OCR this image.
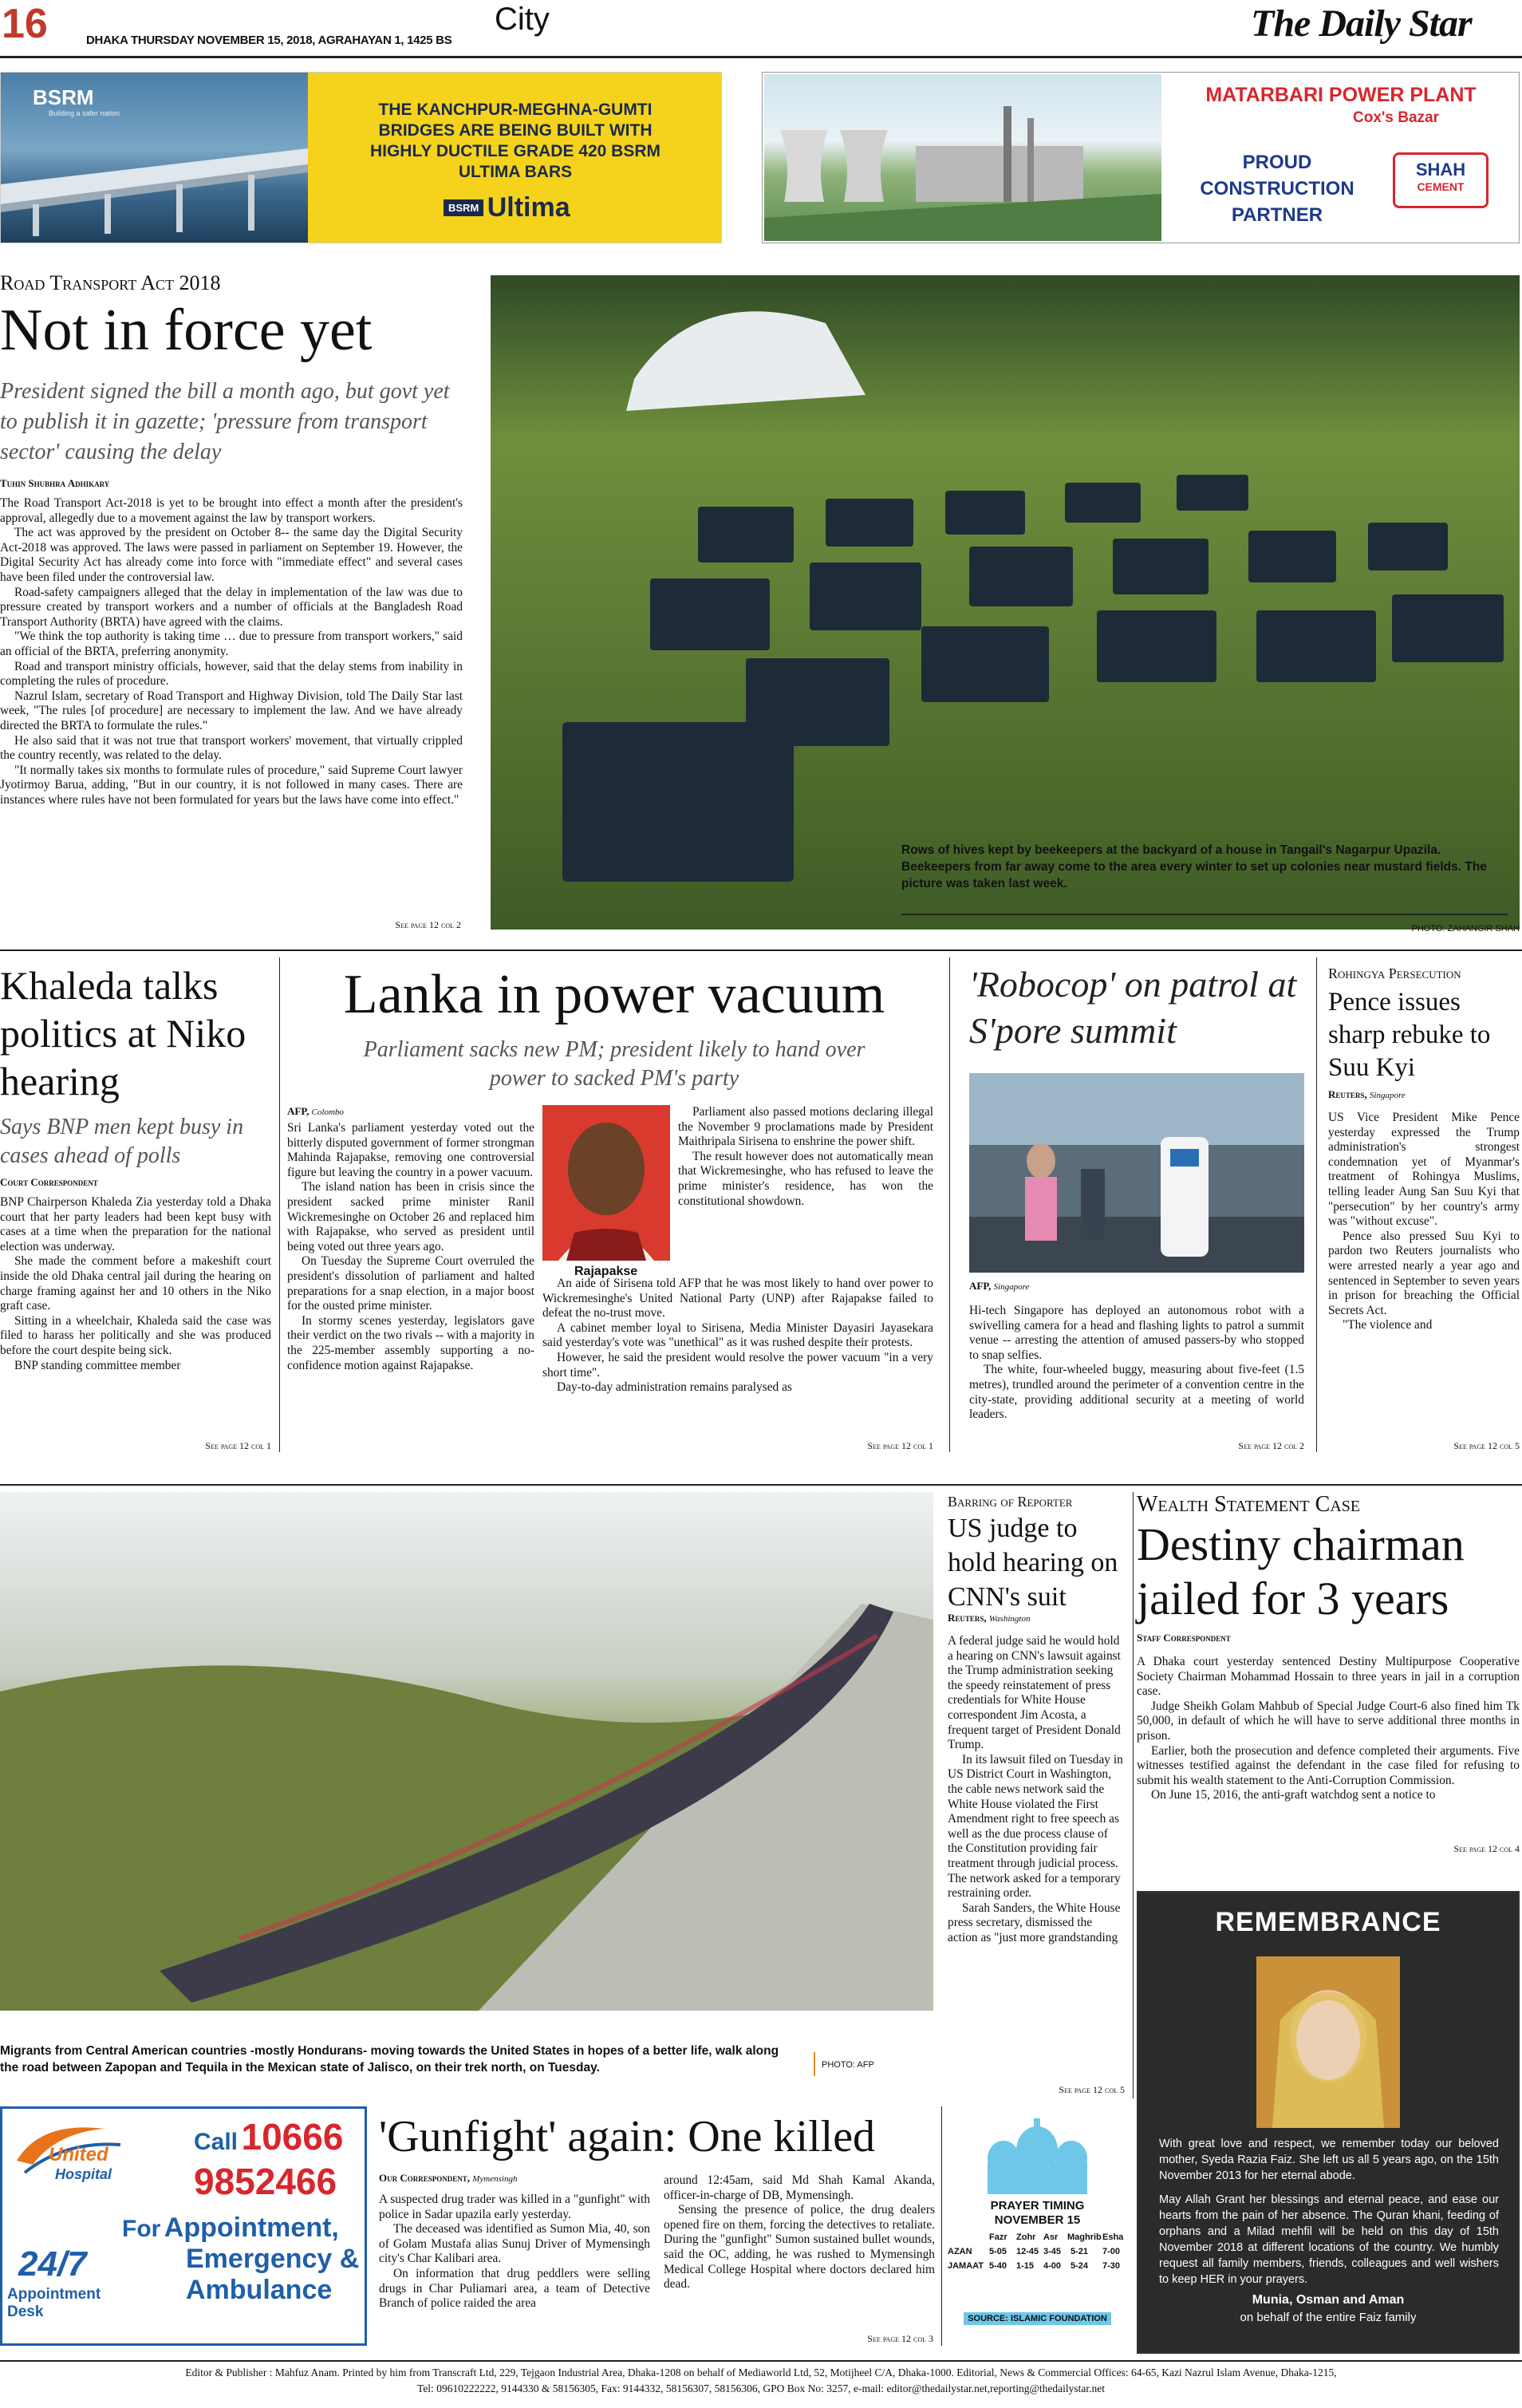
16	DHAKA THURSDAY NOVEMBER 15, 2018, AGRAHAYAN 1, 1425 BS
City	The Daily Star
BSRM
Building a safer nation	THE KANCHPUR-MEGHNA-GUMTI BRIDGES ARE BEING BUILT WITH HIGHLY DUCTILE GRADE 420 BSRM ULTIMA BARS
BSRM Ultima
MATARBARI POWER PLANT
Cox's Bazar
PROUD CONSTRUCTION PARTNER
SHAH
CEMENT
Road Transport Act 2018
Not in force yet
President signed the bill a month ago, but govt yet to publish it in gazette; 'pressure from transport sector' causing the delay
Tuhin Shubhra Adhikary

The Road Transport Act-2018 is yet to be brought into effect a month after the president's approval, allegedly due to a movement against the law by transport workers.

The act was approved by the president on October 8-- the same day the Digital Security Act-2018 was approved. The laws were passed in parliament on September 19. However, the Digital Security Act has already come into force with "immediate effect" and several cases have been filed under the controversial law.

Road-safety campaigners alleged that the delay in implementation of the law was due to pressure created by transport workers and a number of officials at the Bangladesh Road Transport Authority (BRTA) have agreed with the claims.

"We think the top authority is taking time … due to pressure from transport workers," said an official of the BRTA, preferring anonymity.

Road and transport ministry officials, however, said that the delay stems from inability in completing the rules of procedure.

Nazrul Islam, secretary of Road Transport and Highway Division, told The Daily Star last week, "The rules [of procedure] are necessary to implement the law. And we have already directed the BRTA to formulate the rules."

He also said that it was not true that transport workers' movement, that virtually crippled the country recently, was related to the delay.

"It normally takes six months to formulate rules of procedure," said Supreme Court lawyer Jyotirmoy Barua, adding, "But in our country, it is not followed in many cases. There are instances where rules have not been formulated for years but the laws have come into effect."

See page 12 col 2
Rows of hives kept by beekeepers at the backyard of a house in Tangail's Nagarpur Upazila. Beekeepers from far away come to the area every winter to set up colonies near mustard fields. The picture was taken last week.
PHOTO: ZAHANGIR SHAH
Khaleda talks politics at Niko hearing
Says BNP men kept busy in cases ahead of polls
Court Correspondent

BNP Chairperson Khaleda Zia yesterday told a Dhaka court that her party leaders had been kept busy with cases at a time when the preparation for the national election was underway.

She made the comment before a makeshift court inside the old Dhaka central jail during the hearing on charge framing against her and 10 others in the Niko graft case.

Sitting in a wheelchair, Khaleda said the case was filed to harass her politically and she was produced before the court despite being sick.

BNP standing committee member

See page 12 col 1
Lanka in power vacuum
Parliament sacks new PM; president likely to hand over power to sacked PM's party
AFP, Colombo
Rajapakse

Sri Lanka's parliament yesterday voted out the bitterly disputed government of former strongman Mahinda Rajapakse, removing one controversial figure but leaving the country in a power vacuum.

The island nation has been in crisis since the president sacked prime minister Ranil Wickremesinghe on October 26 and replaced him with Rajapakse, who served as president until being voted out three years ago.

On Tuesday the Supreme Court overruled the president's dissolution of parliament and halted preparations for a snap election, in a major boost for the ousted prime minister.

In stormy scenes yesterday, legislators gave their verdict on the two rivals -- with a majority in the 225-member assembly supporting a no-confidence motion against Rajapakse.

Parliament also passed motions declaring illegal the November 9 proclamations made by President Maithripala Sirisena to enshrine the power shift.

The result however does not automatically mean that Wickremesinghe, who has refused to leave the prime minister's residence, has won the constitutional showdown.

An aide of Sirisena told AFP that he was most likely to hand over power to Wickremesinghe's United National Party (UNP) after Rajapakse failed to defeat the no-trust move.

A cabinet member loyal to Sirisena, Media Minister Dayasiri Jayasekara said yesterday's vote was "unethical" as it was rushed despite their protests.

However, he said the president would resolve the power vacuum "in a very short time".

Day-to-day administration remains paralysed as

See page 12 col 1
'Robocop' on patrol at S'pore summit
AFP, Singapore

Hi-tech Singapore has deployed an autonomous robot with a swivelling camera for a head and flashing lights to patrol a summit venue -- arresting the attention of amused passers-by who stopped to snap selfies.

The white, four-wheeled buggy, measuring about five-feet (1.5 metres), trundled around the perimeter of a convention centre in the city-state, providing additional security at a meeting of world leaders.

See page 12 col 2
Rohingya Persecution
Pence issues sharp rebuke to Suu Kyi
Reuters, Singapore

US Vice President Mike Pence yesterday expressed the Trump administration's strongest condemnation yet of Myanmar's treatment of Rohingya Muslims, telling leader Aung San Suu Kyi that "persecution" by her country's army was "without excuse".

Pence also pressed Suu Kyi to pardon two Reuters journalists who were arrested nearly a year ago and sentenced in September to seven years in prison for breaching the Official Secrets Act.

"The violence and

See page 12 col 5
Migrants from Central American countries -mostly Hondurans- moving towards the United States in hopes of a better life, walk along the road between Zapopan and Tequila in the Mexican state of Jalisco, on their trek north, on Tuesday.	PHOTO: AFP
Barring of Reporter
US judge to hold hearing on CNN's suit
Reuters, Washington

A federal judge said he would hold a hearing on CNN's lawsuit against the Trump administration seeking the speedy reinstatement of press credentials for White House correspondent Jim Acosta, a frequent target of President Donald Trump.

In its lawsuit filed on Tuesday in US District Court in Washington, the cable news network said the White House violated the First Amendment right to free speech as well as the due process clause of the Constitution providing fair treatment through judicial process. The network asked for a temporary restraining order.

Sarah Sanders, the White House press secretary, dismissed the action as "just more grandstanding

See page 12 col 5
Wealth Statement Case
Destiny chairman jailed for 3 years
Staff Correspondent

A Dhaka court yesterday sentenced Destiny Multipurpose Cooperative Society Chairman Mohammad Hossain to three years in jail in a corruption case.

Judge Sheikh Golam Mahbub of Special Judge Court-6 also fined him Tk 50,000, in default of which he will have to serve additional three months in prison.

Earlier, both the prosecution and defence completed their arguments. Five witnesses testified against the defendant in the case filed for refusing to submit his wealth statement to the Anti-Corruption Commission.

On June 15, 2016, the anti-graft watchdog sent a notice to

See page 12 col 4
REMEMBRANCE
With great love and respect, we remember today our beloved mother, Syeda Razia Faiz. She left us all 5 years ago, on the 15th November 2013 for her eternal abode.
May Allah Grant her blessings and eternal peace, and ease our hearts from the pain of her absence. The Quran khani, feeding of orphans and a Milad mehfil will be held on this day of 15th November 2018 at different locations of the country. We humbly request all family members, friends, colleagues and well wishers to keep HER in your prayers.
Munia, Osman and Aman
on behalf of the entire Faiz family
United
Hospital
24/7
Appointment Desk
Call 10666
9852466
For Appointment,
Emergency &
Ambulance
'Gunfight' again: One killed
Our Correspondent, Mymensingh

A suspected drug trader was killed in a "gunfight" with police in Sadar upazila early yesterday.

The deceased was identified as Sumon Mia, 40, son of Golam Mustafa alias Sunuj Driver of Mymensingh city's Char Kalibari area.

On information that drug peddlers were selling drugs in Char Puliamari area, a team of Detective Branch of police raided the area

around 12:45am, said Md Shah Kamal Akanda, officer-in-charge of DB, Mymensingh.

Sensing the presence of police, the drug dealers opened fire on them, forcing the detectives to retaliate. During the "gunfight" Sumon sustained bullet wounds, said the OC, adding, he was rushed to Mymensingh Medical College Hospital where doctors declared him dead.

See page 12 col 3
PRAYER TIMING
NOVEMBER 15
Fazr	Zohr Asr	Maghrib Esha
AZAN	5-05	12-45 3-45	5-21	7-00
JAMAAT 5-40	1-15	4-00	5-24	7-30
SOURCE: ISLAMIC FOUNDATION
Editor & Publisher : Mahfuz Anam. Printed by him from Transcraft Ltd, 229, Tejgaon Industrial Area, Dhaka-1208 on behalf of Mediaworld Ltd, 52, Motijheel C/A, Dhaka-1000. Editorial, News & Commercial Offices: 64-65, Kazi Nazrul Islam Avenue, Dhaka-1215,
Tel: 09610222222, 9144330 & 58156305, Fax: 9144332, 58156307, 58156306, GPO Box No: 3257, e-mail: editor@thedailystar.net,reporting@thedailystar.net
